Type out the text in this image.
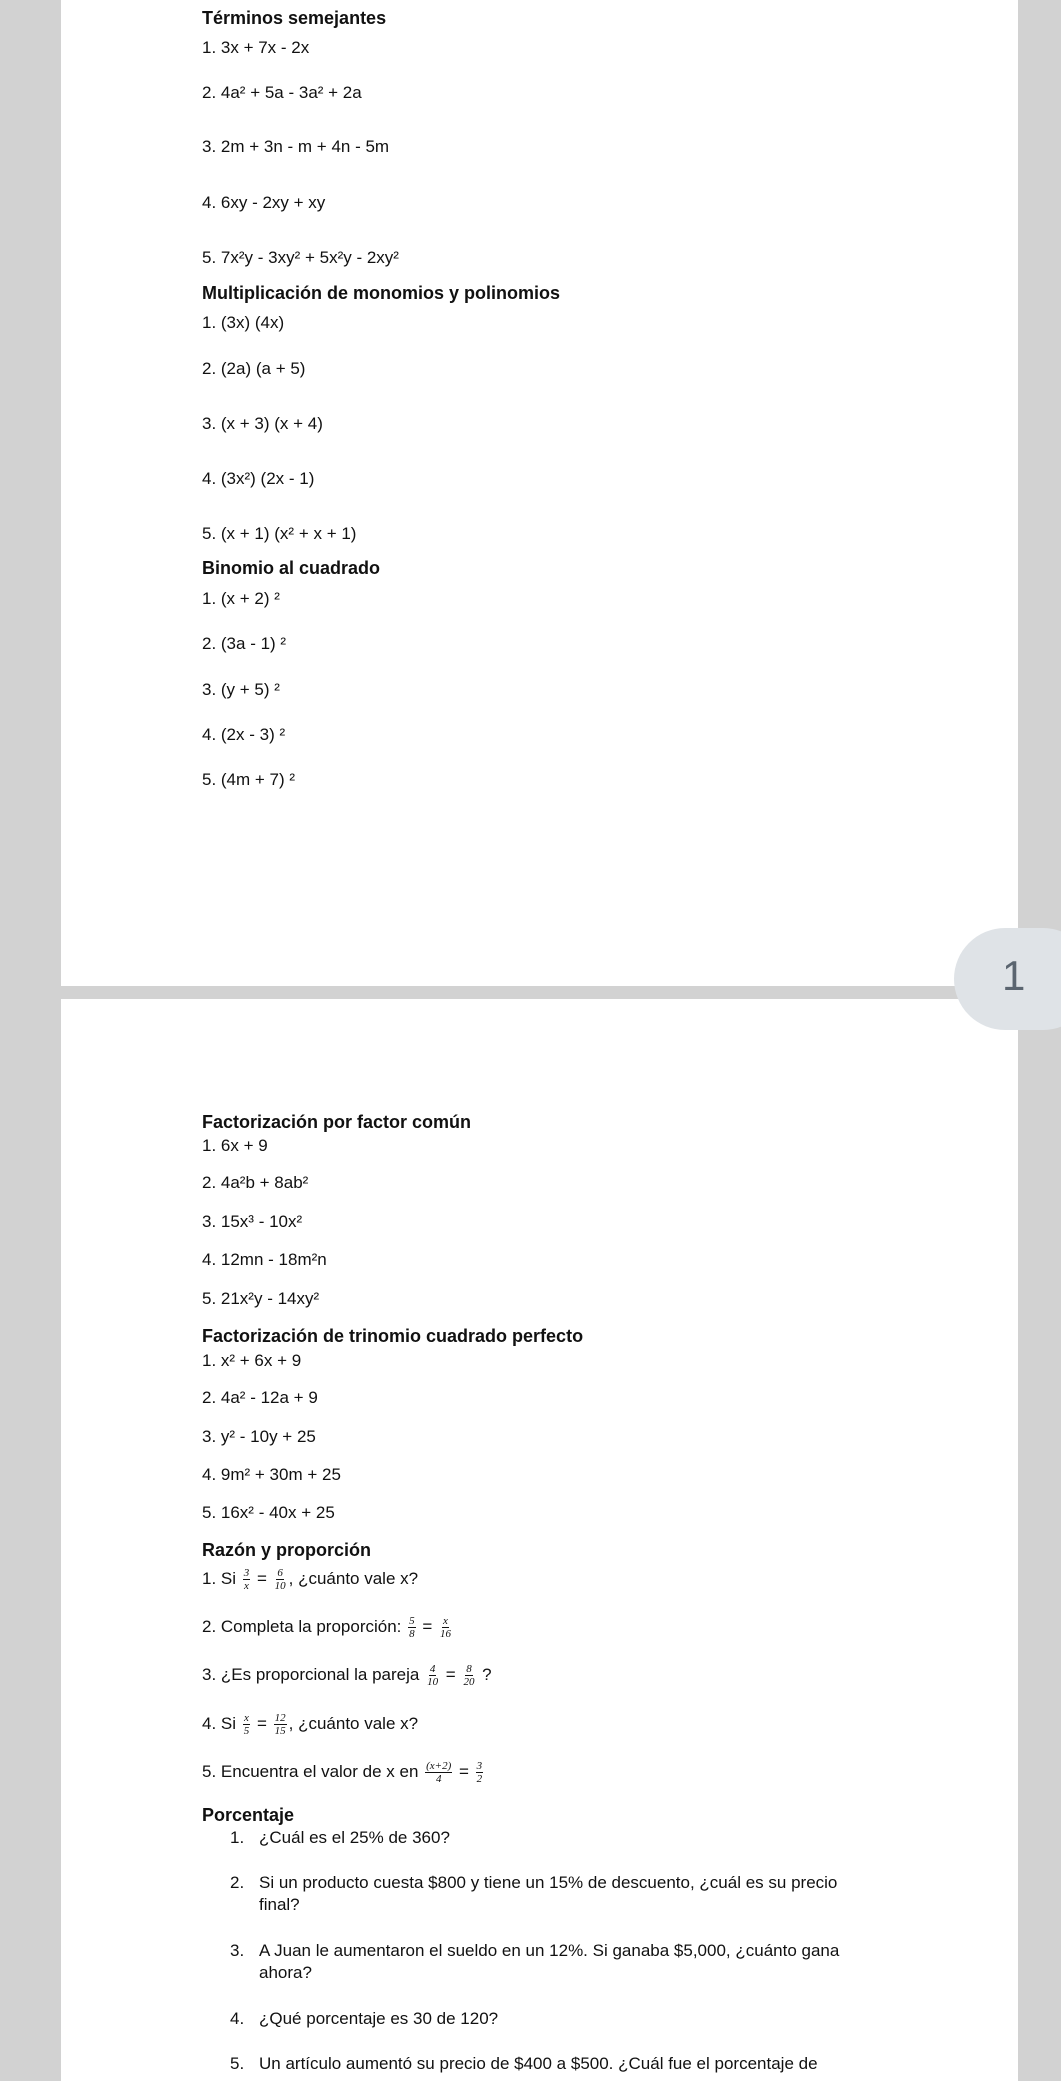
Términos semejantes
1. 3x + 7x - 2x
2. 4a² + 5a - 3a² + 2a
3. 2m + 3n - m + 4n - 5m
4. 6xy - 2xy + xy
5. 7x²y - 3xy² + 5x²y - 2xy²
Multiplicación de monomios y polinomios
1. (3x) (4x)
2. (2a) (a + 5)
3. (x + 3) (x + 4)
4. (3x²) (2x - 1)
5. (x + 1) (x² + x + 1)
Binomio al cuadrado
1. (x + 2) ²
2. (3a - 1) ²
3. (y + 5) ²
4. (2x - 3) ²
5. (4m + 7) ²
1
Factorización por factor común
1. 6x + 9
2. 4a²b + 8ab²
3. 15x³ - 10x²
4. 12mn - 18m²n
5. 21x²y - 14xy²
Factorización de trinomio cuadrado perfecto
1. x² + 6x + 9
2. 4a² - 12a + 9
3. y² - 10y + 25
4. 9m² + 30m + 25
5. 16x² - 40x + 25
Razón y proporción
1. Si $\frac{3}{x} = \frac{6}{10}$ , ¿cuánto vale x?
2. Completa la proporción: $\frac{5}{8} = \frac{x}{16}$
3. ¿Es proporcional la pareja $\frac{4}{10} = \frac{8}{20}$ ?
4. Si $\frac{x}{5} = \frac{12}{15}$ , ¿cuánto vale x?
5. Encuentra el valor de x en $\frac{(x+2)}{4} = \frac{3}{2}$
Porcentaje
1. ¿Cuál es el 25% de 360?
2. Si un producto cuesta $800 y tiene un 15% de descuento, ¿cuál es su precio final?
3. A Juan le aumentaron el sueldo en un 12%. Si ganaba $5,000, ¿cuánto gana ahora?
4. ¿Qué porcentaje es 30 de 120?
5. Un artículo aumentó su precio de $400 a $500. ¿Cuál fue el porcentaje de
